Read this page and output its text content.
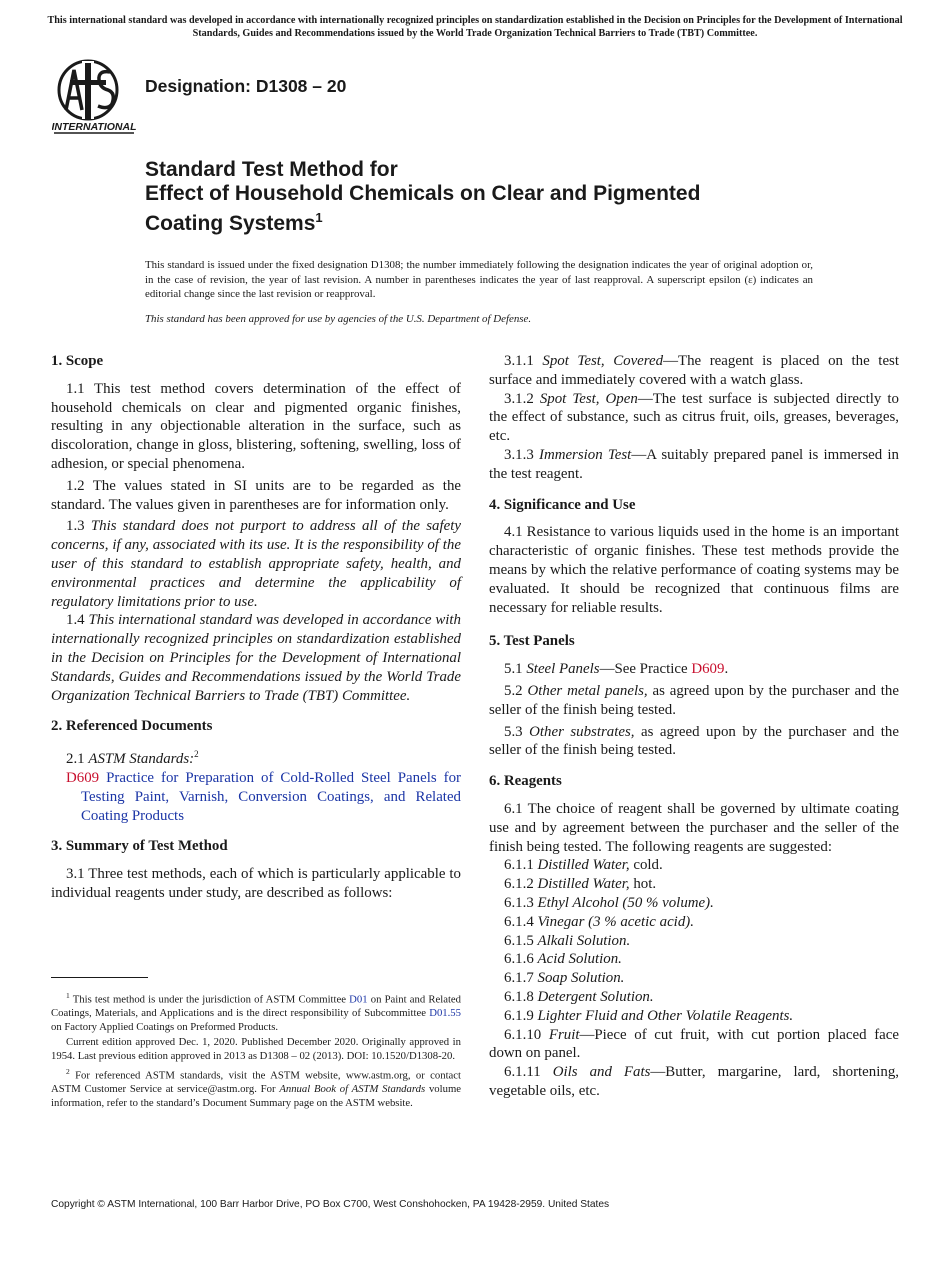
This international standard was developed in accordance with internationally recognized principles on standardization established in the Decision on Principles for the Development of International Standards, Guides and Recommendations issued by the World Trade Organization Technical Barriers to Trade (TBT) Committee.
INTERNATIONAL
Designation: D1308 – 20
Standard Test Method for
Effect of Household Chemicals on Clear and Pigmented
Coating Systems$^1$
This standard is issued under the fixed designation D1308; the number immediately following the designation indicates the year of original adoption or, in the case of revision, the year of last revision. A number in parentheses indicates the year of last reapproval. A superscript epsilon (ε) indicates an editorial change since the last revision or reapproval.
This standard has been approved for use by agencies of the U.S. Department of Defense.
1. Scope

1.1 This test method covers determination of the effect of household chemicals on clear and pigmented organic finishes, resulting in any objectionable alteration in the surface, such as discoloration, change in gloss, blistering, softening, swelling, loss of adhesion, or special phenomena.

1.2 The values stated in SI units are to be regarded as the standard. The values given in parentheses are for information only.

1.3 This standard does not purport to address all of the safety concerns, if any, associated with its use. It is the responsibility of the user of this standard to establish appropriate safety, health, and environmental practices and determine the applicability of regulatory limitations prior to use.

1.4 This international standard was developed in accordance with internationally recognized principles on standardization established in the Decision on Principles for the Development of International Standards, Guides and Recommendations issued by the World Trade Organization Technical Barriers to Trade (TBT) Committee.

2. Referenced Documents

2.1 ASTM Standards:$^2$

D609 Practice for Preparation of Cold-Rolled Steel Panels for Testing Paint, Varnish, Conversion Coatings, and Related Coating Products
3. Summary of Test Method

3.1 Three test methods, each of which is particularly applicable to individual reagents under study, are described as follows:

3.1.1 Spot Test, Covered—The reagent is placed on the test surface and immediately covered with a watch glass.

3.1.2 Spot Test, Open—The test surface is subjected directly to the effect of substance, such as citrus fruit, oils, greases, beverages, etc.

3.1.3 Immersion Test—A suitably prepared panel is immersed in the test reagent.

4. Significance and Use

4.1 Resistance to various liquids used in the home is an important characteristic of organic finishes. These test methods provide the means by which the relative performance of coating systems may be evaluated. It should be recognized that continuous films are necessary for reliable results.

5. Test Panels

5.1 Steel Panels—See Practice D609.

5.2 Other metal panels, as agreed upon by the purchaser and the seller of the finish being tested.

5.3 Other substrates, as agreed upon by the purchaser and the seller of the finish being tested.

6. Reagents

6.1 The choice of reagent shall be governed by ultimate coating use and by agreement between the purchaser and the seller of the finish being tested. The following reagents are suggested:

6.1.1 Distilled Water, cold.

6.1.2 Distilled Water, hot.

6.1.3 Ethyl Alcohol (50 % volume).

6.1.4 Vinegar (3 % acetic acid).

6.1.5 Alkali Solution.

6.1.6 Acid Solution.

6.1.7 Soap Solution.

6.1.8 Detergent Solution.

6.1.9 Lighter Fluid and Other Volatile Reagents.

6.1.10 Fruit—Piece of cut fruit, with cut portion placed face down on panel.

6.1.11 Oils and Fats—Butter, margarine, lard, shortening, vegetable oils, etc.

$^1$ This test method is under the jurisdiction of ASTM Committee D01 on Paint and Related Coatings, Materials, and Applications and is the direct responsibility of Subcommittee D01.55 on Factory Applied Coatings on Preformed Products.

Current edition approved Dec. 1, 2020. Published December 2020. Originally approved in 1954. Last previous edition approved in 2013 as D1308 – 02 (2013). DOI: 10.1520/D1308-20.

$^2$ For referenced ASTM standards, visit the ASTM website, www.astm.org, or contact ASTM Customer Service at service@astm.org. For Annual Book of ASTM Standards volume information, refer to the standard’s Document Summary page on the ASTM website.

Copyright © ASTM International, 100 Barr Harbor Drive, PO Box C700, West Conshohocken, PA 19428-2959. United States
